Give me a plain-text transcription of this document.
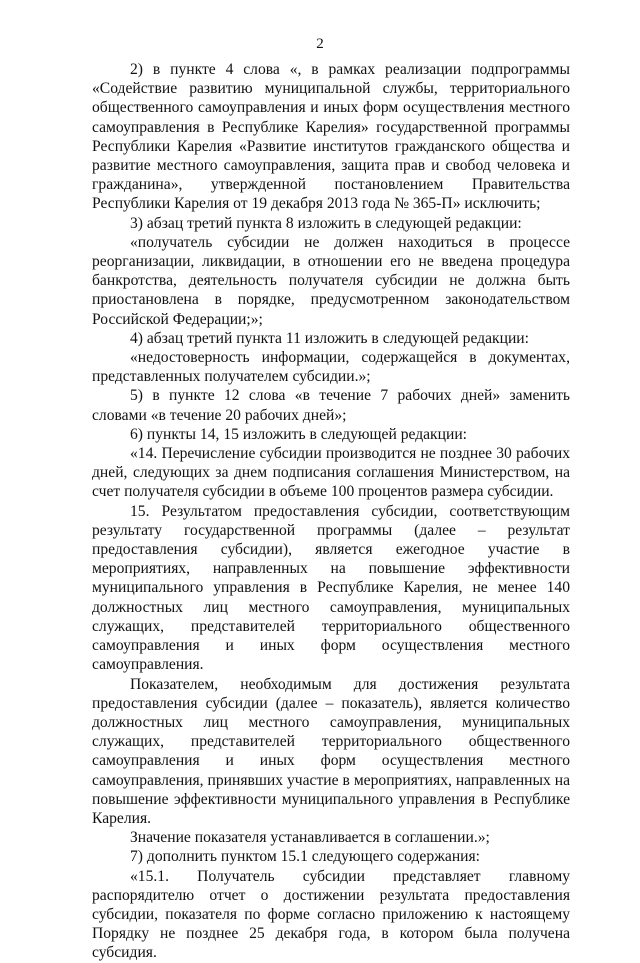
2

2) в пункте 4 слова «, в рамках реализации подпрограммы «Содействие развитию муниципальной службы, территориального общественного самоуправления и иных форм осуществления местного самоуправления в Республике Карелия» государственной программы Республики Карелия «Развитие институтов гражданского общества и развитие местного самоуправления, защита прав и свобод человека и гражданина», утвержденной постановлением Правительства Республики Карелия от 19 декабря 2013 года № 365-П» исключить;

3) абзац третий пункта 8 изложить в следующей редакции:

«получатель субсидии не должен находиться в процессе реорганизации, ликвидации, в отношении его не введена процедура банкротства, деятельность получателя субсидии не должна быть приостановлена в порядке, предусмотренном законодательством Российской Федерации;»;

4) абзац третий пункта 11 изложить в следующей редакции:

«недостоверность информации, содержащейся в документах, представленных получателем субсидии.»;

5) в пункте 12 слова «в течение 7 рабочих дней» заменить словами «в течение 20 рабочих дней»;

6) пункты 14, 15 изложить в следующей редакции:

«14. Перечисление субсидии производится не позднее 30 рабочих дней, следующих за днем подписания соглашения Министерством, на счет получателя субсидии в объеме 100 процентов размера субсидии.

15. Результатом предоставления субсидии, соответствующим результату государственной программы (далее – результат предоставления субсидии), является ежегодное участие в мероприятиях, направленных на повышение эффективности муниципального управления в Республике Карелия, не менее 140 должностных лиц местного самоуправления, муниципальных служащих, представителей территориального общественного самоуправления и иных форм осуществления местного самоуправления.

Показателем, необходимым для достижения результата предоставления субсидии (далее – показатель), является количество должностных лиц местного самоуправления, муниципальных служащих, представителей территориального общественного самоуправления и иных форм осуществления местного самоуправления, принявших участие в мероприятиях, направленных на повышение эффективности муниципального управления в Республике Карелия.

Значение показателя устанавливается в соглашении.»;

7) дополнить пунктом 15.1 следующего содержания:

«15.1. Получатель субсидии представляет главному распорядителю отчет о достижении результата предоставления субсидии, показателя по форме согласно приложению к настоящему Порядку не позднее 25 декабря года, в котором была получена субсидия.
